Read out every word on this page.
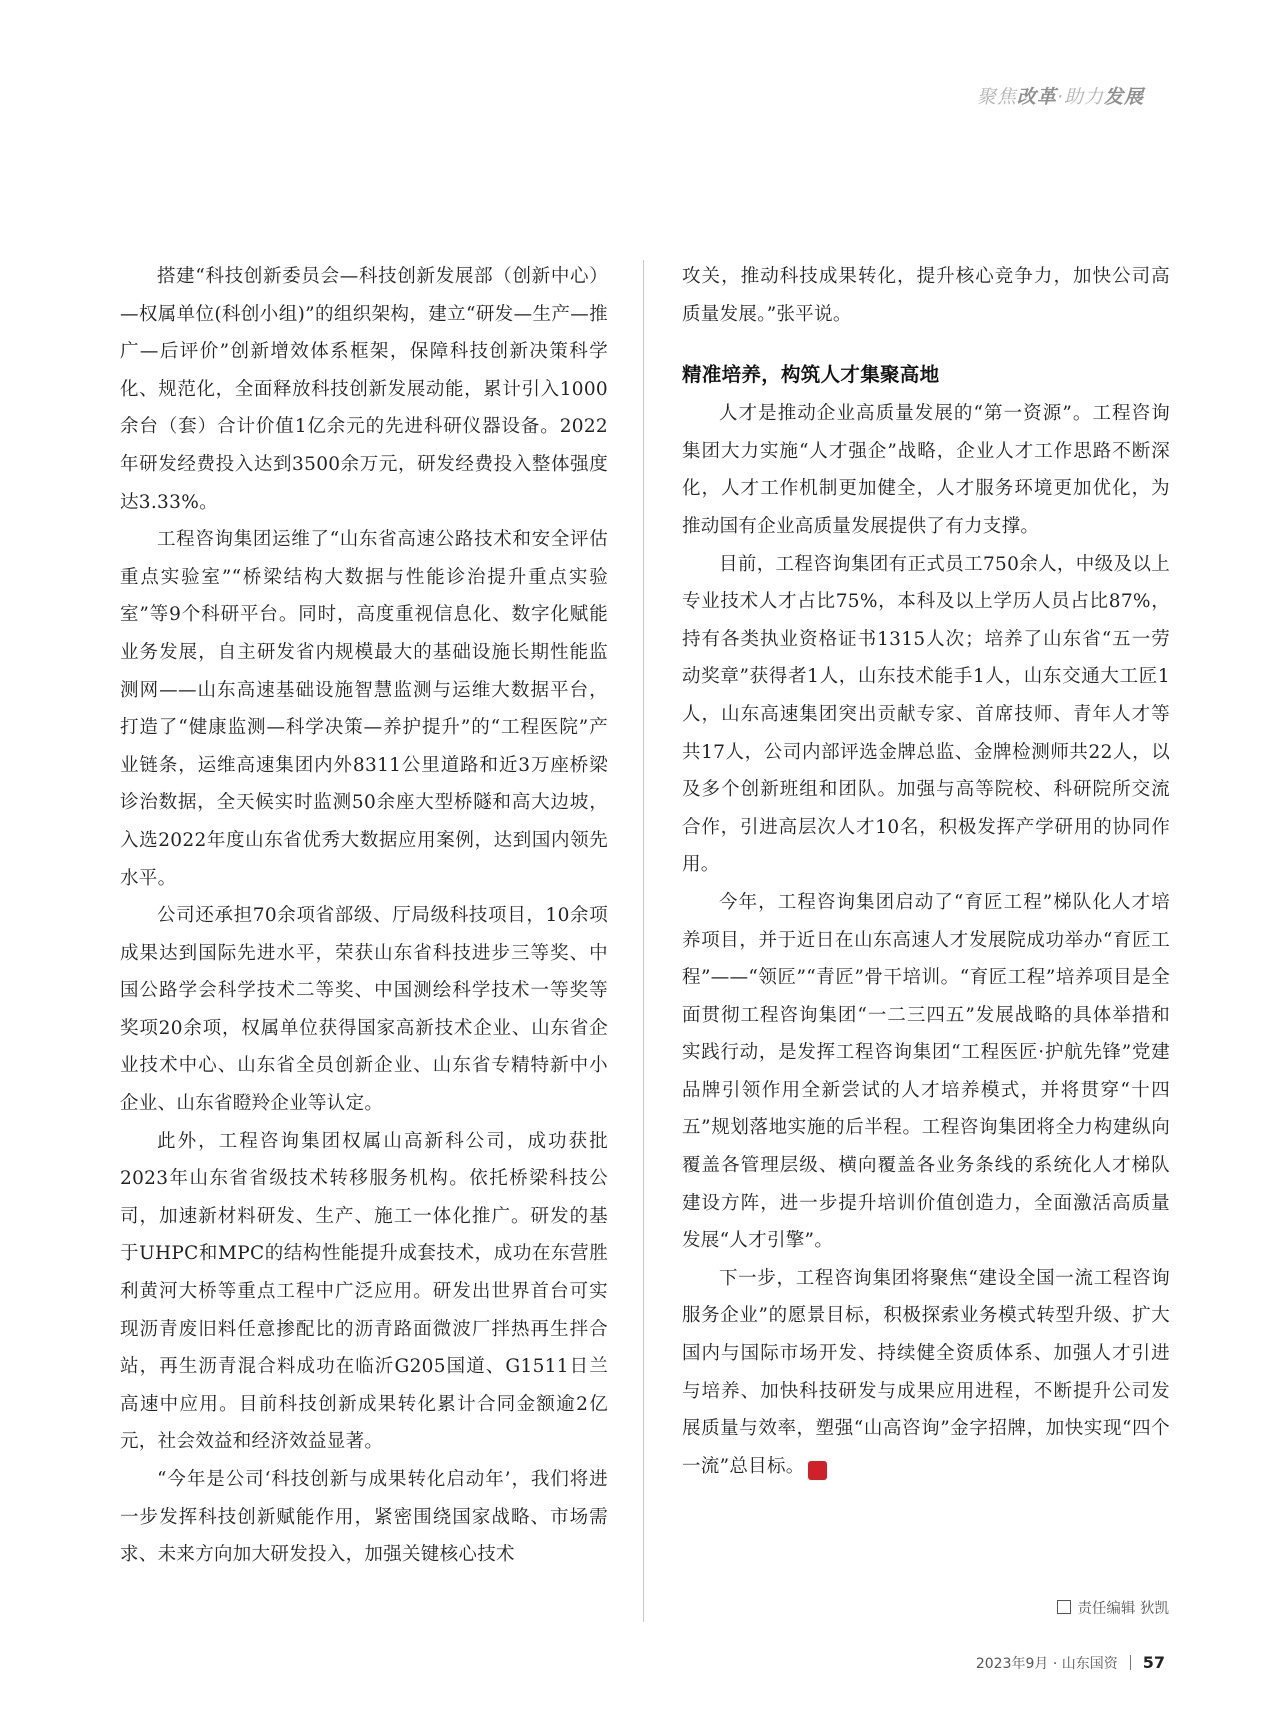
聚焦改革·助力发展

搭建“科技创新委员会—科技创新发展部（创新中心）—权属单位(科创小组)”的组织架构，建立“研发—生产—推广—后评价”创新增效体系框架，保障科技创新决策科学化、规范化，全面释放科技创新发展动能，累计引入1000余台（套）合计价值1亿余元的先进科研仪器设备。2022年研发经费投入达到3500余万元，研发经费投入整体强度达3.33%。

工程咨询集团运维了“山东省高速公路技术和安全评估重点实验室”“桥梁结构大数据与性能诊治提升重点实验室”等9个科研平台。同时，高度重视信息化、数字化赋能业务发展，自主研发省内规模最大的基础设施长期性能监测网——山东高速基础设施智慧监测与运维大数据平台，打造了“健康监测—科学决策—养护提升”的“工程医院”产业链条，运维高速集团内外8311公里道路和近3万座桥梁诊治数据，全天候实时监测50余座大型桥隧和高大边坡，入选2022年度山东省优秀大数据应用案例，达到国内领先水平。

公司还承担70余项省部级、厅局级科技项目，10余项成果达到国际先进水平，荣获山东省科技进步三等奖、中国公路学会科学技术二等奖、中国测绘科学技术一等奖等奖项20余项，权属单位获得国家高新技术企业、山东省企业技术中心、山东省全员创新企业、山东省专精特新中小企业、山东省瞪羚企业等认定。

此外，工程咨询集团权属山高新科公司，成功获批2023年山东省省级技术转移服务机构。依托桥梁科技公司，加速新材料研发、生产、施工一体化推广。研发的基于UHPC和MPC的结构性能提升成套技术，成功在东营胜利黄河大桥等重点工程中广泛应用。研发出世界首台可实现沥青废旧料任意掺配比的沥青路面微波厂拌热再生拌合站，再生沥青混合料成功在临沂G205国道、G1511日兰高速中应用。目前科技创新成果转化累计合同金额逾2亿元，社会效益和经济效益显著。

“今年是公司‘科技创新与成果转化启动年’，我们将进一步发挥科技创新赋能作用，紧密围绕国家战略、市场需求、未来方向加大研发投入，加强关键核心技术

攻关，推动科技成果转化，提升核心竞争力，加快公司高质量发展。”张平说。

精准培养，构筑人才集聚高地

人才是推动企业高质量发展的“第一资源”。工程咨询集团大力实施“人才强企”战略，企业人才工作思路不断深化，人才工作机制更加健全，人才服务环境更加优化，为推动国有企业高质量发展提供了有力支撑。

目前，工程咨询集团有正式员工750余人，中级及以上专业技术人才占比75%，本科及以上学历人员占比87%，持有各类执业资格证书1315人次；培养了山东省“五一劳动奖章”获得者1人，山东技术能手1人，山东交通大工匠1人，山东高速集团突出贡献专家、首席技师、青年人才等共17人，公司内部评选金牌总监、金牌检测师共22人，以及多个创新班组和团队。加强与高等院校、科研院所交流合作，引进高层次人才10名，积极发挥产学研用的协同作用。

今年，工程咨询集团启动了“育匠工程”梯队化人才培养项目，并于近日在山东高速人才发展院成功举办“育匠工程”——“领匠”“青匠”骨干培训。“育匠工程”培养项目是全面贯彻工程咨询集团“一二三四五”发展战略的具体举措和实践行动，是发挥工程咨询集团“工程医匠·护航先锋”党建品牌引领作用全新尝试的人才培养模式，并将贯穿“十四五”规划落地实施的后半程。工程咨询集团将全力构建纵向覆盖各管理层级、横向覆盖各业务条线的系统化人才梯队建设方阵，进一步提升培训价值创造力，全面激活高质量发展“人才引擎”。

下一步，工程咨询集团将聚焦“建设全国一流工程咨询服务企业”的愿景目标，积极探索业务模式转型升级、扩大国内与国际市场开发、持续健全资质体系、加强人才引进与培养、加快科技研发与成果应用进程，不断提升公司发展质量与效率，塑强“山高咨询”金字招牌，加快实现“四个一流”总目标。	Z

责任编辑 狄凯
2023年9月 · 山东国资 57
